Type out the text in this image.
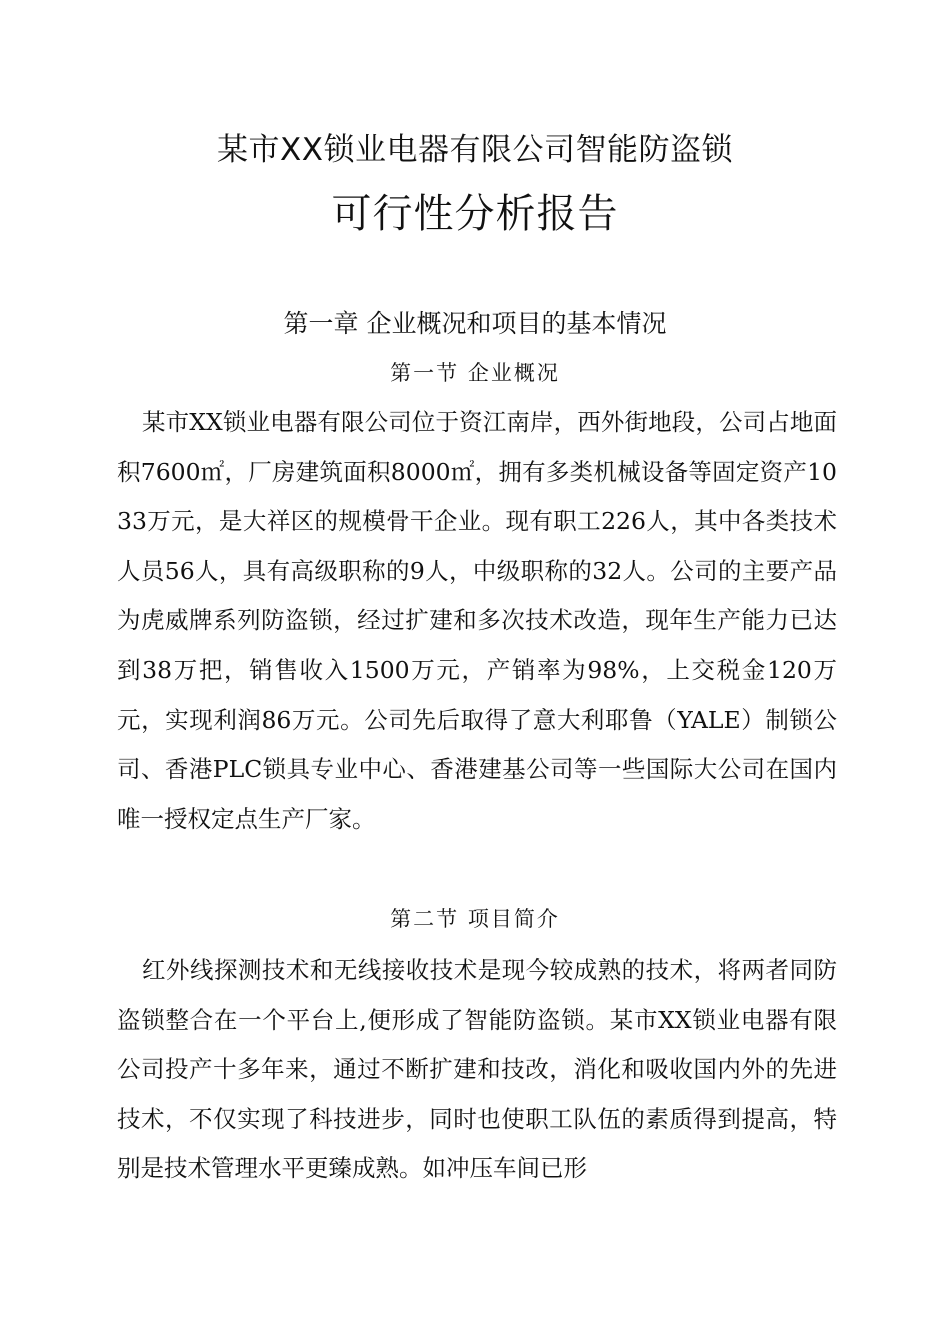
某市XX锁业电器有限公司智能防盗锁
可行性分析报告
第一章 企业概况和项目的基本情况
第一节 企业概况
某市XX锁业电器有限公司位于资江南岸，西外街地段，公司占地面积7600㎡，厂房建筑面积8000㎡，拥有多类机械设备等固定资产1033万元，是大祥区的规模骨干企业。现有职工226人，其中各类技术人员56人，具有高级职称的9人，中级职称的32人。公司的主要产品为虎威牌系列防盗锁，经过扩建和多次技术改造，现年生产能力已达到38万把，销售收入1500万元，产销率为98%，上交税金120万元，实现利润86万元。公司先后取得了意大利耶鲁（YALE）制锁公司、香港PLC锁具专业中心、香港建基公司等一些国际大公司在国内唯一授权定点生产厂家。
第二节 项目简介
红外线探测技术和无线接收技术是现今较成熟的技术，将两者同防盗锁整合在一个平台上,便形成了智能防盗锁。某市XX锁业电器有限公司投产十多年来，通过不断扩建和技改，消化和吸收国内外的先进技术，不仅实现了科技进步，同时也使职工队伍的素质得到提高，特别是技术管理水平更臻成熟。如冲压车间已形
